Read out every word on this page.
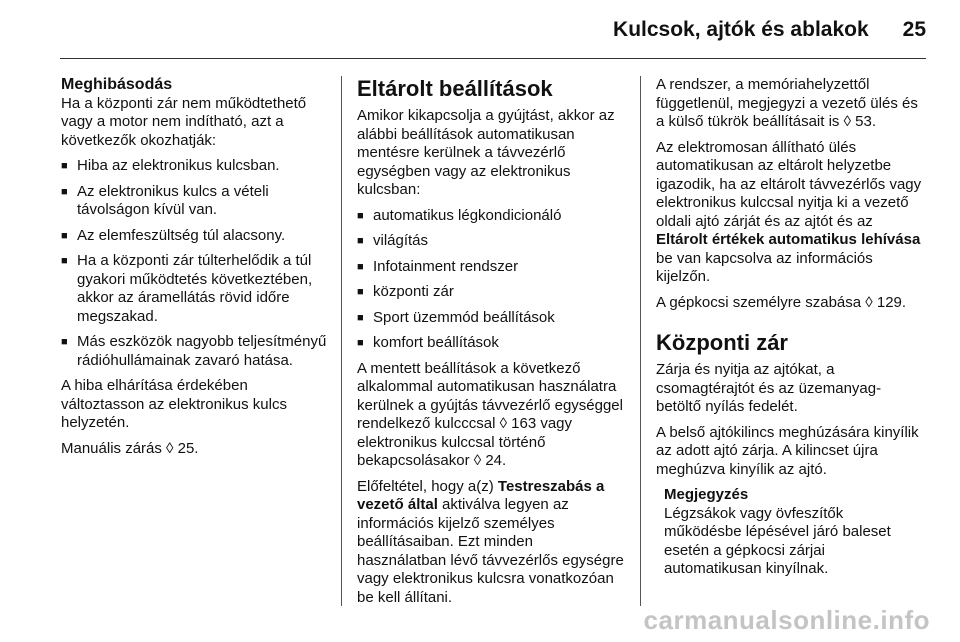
Kulcsok, ajtók és ablakok 25
Meghibásodás

Ha a központi zár nem működtethető vagy a motor nem indítható, azt a következők okozhatják:

■ Hiba az elektronikus kulcsban.
■ Az elektronikus kulcs a vételi távolságon kívül van.
■ Az elemfeszültség túl alacsony.
■ Ha a központi zár túlterhelődik a túl gyakori működtetés következtében, akkor az áramellátás rövid időre megszakad.
■ Más eszközök nagyobb teljesítményű rádióhullámainak zavaró hatása.

A hiba elhárítása érdekében változtasson az elektronikus kulcs helyzetén.

Manuális zárás ◊ 25.

Eltárolt beállítások

Amikor kikapcsolja a gyújtást, akkor az alábbi beállítások automatikusan mentésre kerülnek a távvezérlő egységben vagy az elektronikus kulcsban:

■ automatikus légkondicionáló
■ világítás
■ Infotainment rendszer
■ központi zár
■ Sport üzemmód beállítások
■ komfort beállítások

A mentett beállítások a következő alkalommal automatikusan használatra kerülnek a gyújtás távvezérlő egységgel rendelkező kulcccsal ◊ 163 vagy elektronikus kulccsal történő bekapcsolásakor ◊ 24.

Előfeltétel, hogy a(z) Testreszabás a vezető által aktiválva legyen az információs kijelző személyes beállításaiban. Ezt minden használatban lévő távvezérlős egységre vagy elektronikus kulcsra vonatkozóan be kell állítani.

A rendszer, a memóriahelyzettől függetlenül, megjegyzi a vezető ülés és a külső tükrök beállításait is ◊ 53.

Az elektromosan állítható ülés automatikusan az eltárolt helyzetbe igazodik, ha az eltárolt távvezérlős vagy elektronikus kulccsal nyitja ki a vezető oldali ajtó zárját és az ajtót és az Eltárolt értékek automatikus lehívása be van kapcsolva az információs kijelzőn.

A gépkocsi személyre szabása ◊ 129.

Központi zár

Zárja és nyitja az ajtókat, a csomagtérajtót és az üzemanyag-betöltő nyílás fedelét.

A belső ajtókilincs meghúzására kinyílik az adott ajtó zárja. A kilincset újra meghúzva kinyílik az ajtó.

Megjegyzés
Légzsákok vagy övfeszítők működésbe lépésével járó baleset esetén a gépkocsi zárjai automatikusan kinyílnak.
carmanualsonline.info
